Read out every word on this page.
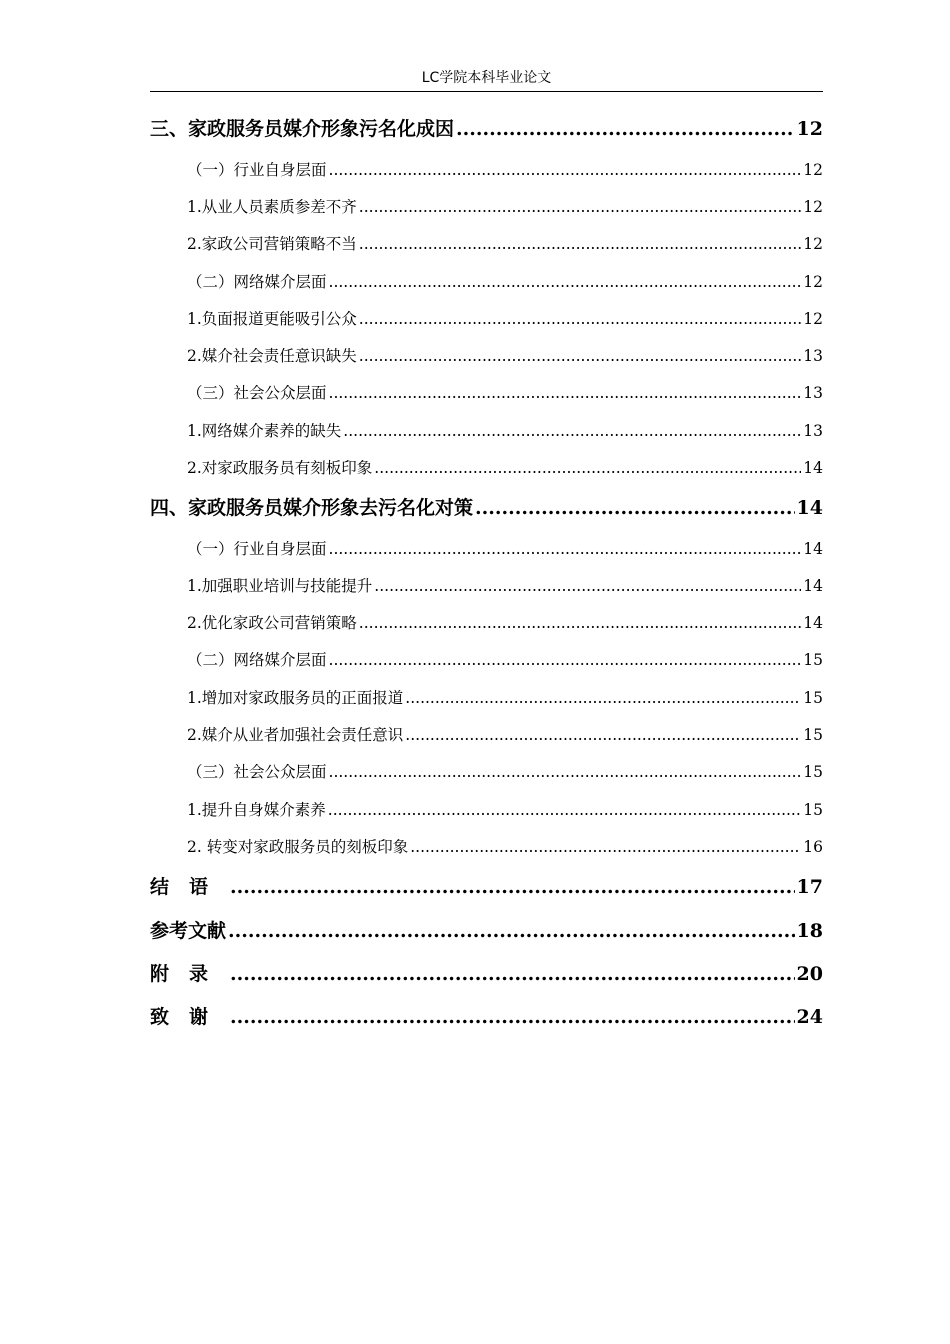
LC学院本科毕业论文
三、家政服务员媒介形象污名化成因 .....	12
（一）行业自身层面 .....	12
1.从业人员素质参差不齐 .....	12
2.家政公司营销策略不当 .....	12
（二）网络媒介层面 .....	12
1.负面报道更能吸引公众 .....	12
2.媒介社会责任意识缺失 .....	13
（三）社会公众层面 .....	13
1.网络媒介素养的缺失 .....	13
2.对家政服务员有刻板印象 .....	14
四、家政服务员媒介形象去污名化对策 .....	14
（一）行业自身层面 .....	14
1.加强职业培训与技能提升 .....	14
2.优化家政公司营销策略 .....	14
（二）网络媒介层面 .....	15
1.增加对家政服务员的正面报道 .....	15
2.媒介从业者加强社会责任意识 .....	15
（三）社会公众层面 .....	15
1.提升自身媒介素养 .....	15
2. 转变对家政服务员的刻板印象 .....	16
结语 .....	17
参考文献 .....	18
附录 .....	20
致谢 .....	24
